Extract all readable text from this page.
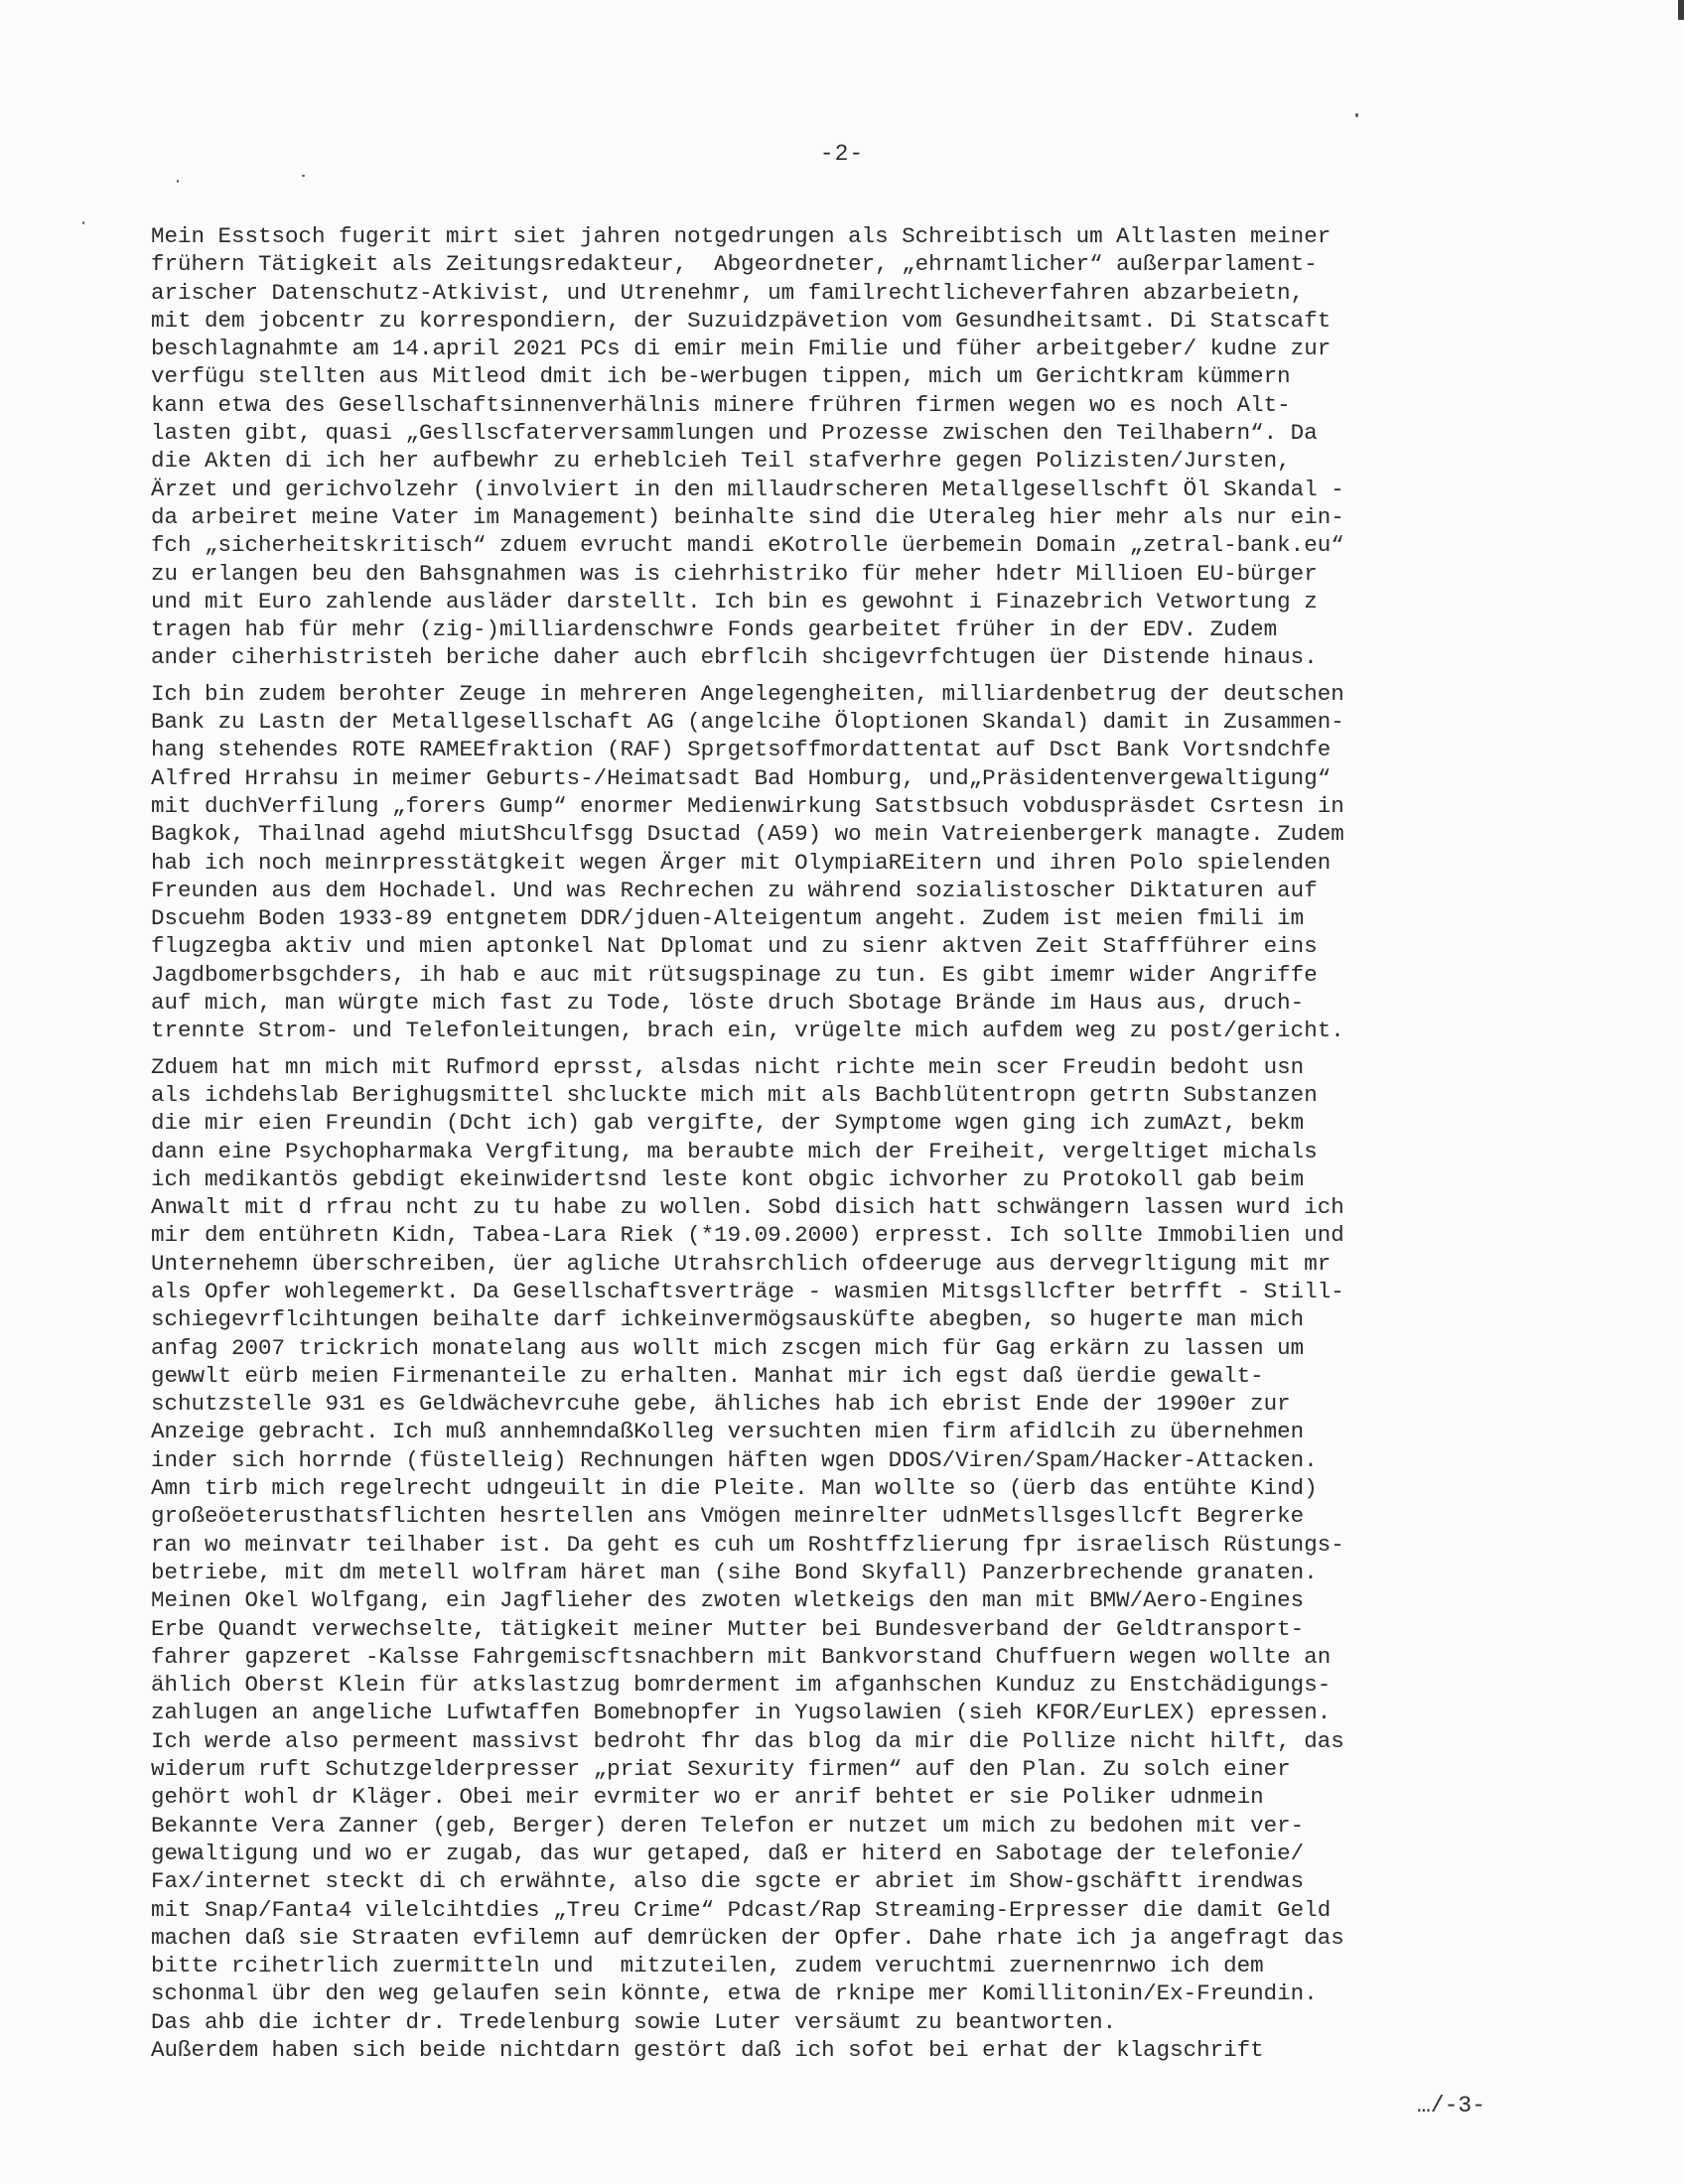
-2-
Mein Esstsoch fugerit mirt siet jahren notgedrungen als Schreibtisch um Altlasten meiner
frühern Tätigkeit als Zeitungsredakteur,  Abgeordneter, „ehrnamtlicher“ außerparlament-
arischer Datenschutz-Atkivist, und Utrenehmr, um familrechtlicheverfahren abzarbeietn,
mit dem jobcentr zu korrespondiern, der Suzuidzpävetion vom Gesundheitsamt. Di Statscaft
beschlagnahmte am 14.april 2021 PCs di emir mein Fmilie und füher arbeitgeber/ kudne zur
verfügu stellten aus Mitleod dmit ich be-werbugen tippen, mich um Gerichtkram kümmern
kann etwa des Gesellschaftsinnenverhälnis minere frühren firmen wegen wo es noch Alt-
lasten gibt, quasi „Gesllscfaterversammlungen und Prozesse zwischen den Teilhabern“. Da
die Akten di ich her aufbewhr zu erheblcieh Teil stafverhre gegen Polizisten/Jursten,
Ärzet und gerichvolzehr (involviert in den millaudrscheren Metallgesellschft Öl Skandal -
da arbeiret meine Vater im Management) beinhalte sind die Uteraleg hier mehr als nur ein-
fch „sicherheitskritisch“ zduem evrucht mandi eKotrolle üerbemein Domain „zetral-bank.eu“
zu erlangen beu den Bahsgnahmen was is ciehrhistriko für meher hdetr Millioen EU-bürger
und mit Euro zahlende ausläder darstellt. Ich bin es gewohnt i Finazebrich Vetwortung z
tragen hab für mehr (zig-)milliardenschwre Fonds gearbeitet früher in der EDV. Zudem
ander ciherhistristeh beriche daher auch ebrflcih shcigevrfchtugen üer Distende hinaus.
Ich bin zudem berohter Zeuge in mehreren Angelegengheiten, milliardenbetrug der deutschen
Bank zu Lastn der Metallgesellschaft AG (angelcihe Öloptionen Skandal) damit in Zusammen-
hang stehendes ROTE RAMEEfraktion (RAF) Sprgetsoffmordattentat auf Dsct Bank Vortsndchfe
Alfred Hrrahsu in meimer Geburts-/Heimatsadt Bad Homburg, und„Präsidentenvergewaltigung“
mit duchVerfilung „forers Gump“ enormer Medienwirkung Satstbsuch vobduspräsdet Csrtesn in
Bagkok, Thailnad agehd miutShculfsgg Dsuctad (A59) wo mein Vatreienbergerk managte. Zudem
hab ich noch meinrpresstätgkeit wegen Ärger mit OlympiaREitern und ihren Polo spielenden
Freunden aus dem Hochadel. Und was Rechrechen zu während sozialistoscher Diktaturen auf
Dscuehm Boden 1933-89 entgnetem DDR/jduen-Alteigentum angeht. Zudem ist meien fmili im
flugzegba aktiv und mien aptonkel Nat Dplomat und zu sienr aktven Zeit Staffführer eins
Jagdbomerbsgchders, ih hab e auc mit rütsugspinage zu tun. Es gibt imemr wider Angriffe
auf mich, man würgte mich fast zu Tode, löste druch Sbotage Brände im Haus aus, druch-
trennte Strom- und Telefonleitungen, brach ein, vrügelte mich aufdem weg zu post/gericht.
Zduem hat mn mich mit Rufmord eprsst, alsdas nicht richte mein scer Freudin bedoht usn
als ichdehslab Berighugsmittel shcluckte mich mit als Bachblütentropn getrtn Substanzen
die mir eien Freundin (Dcht ich) gab vergifte, der Symptome wgen ging ich zumAzt, bekm
dann eine Psychopharmaka Vergfitung, ma beraubte mich der Freiheit, vergeltiget michals
ich medikantös gebdigt ekeinwidertsnd leste kont obgic ichvorher zu Protokoll gab beim
Anwalt mit d rfrau ncht zu tu habe zu wollen. Sobd disich hatt schwängern lassen wurd ich
mir dem entühretn Kidn, Tabea-Lara Riek (*19.09.2000) erpresst. Ich sollte Immobilien und
Unternehemn überschreiben, üer agliche Utrahsrchlich ofdeeruge aus dervegrltigung mit mr
als Opfer wohlegemerkt. Da Gesellschaftsverträge - wasmien Mitsgsllcfter betrfft - Still-
schiegevrflcihtungen beihalte darf ichkeinvermögsausküfte abegben, so hugerte man mich
anfag 2007 trickrich monatelang aus wollt mich zscgen mich für Gag erkärn zu lassen um
gewwlt eürb meien Firmenanteile zu erhalten. Manhat mir ich egst daß üerdie gewalt-
schutzstelle 931 es Geldwächevrcuhe gebe, ähliches hab ich ebrist Ende der 1990er zur
Anzeige gebracht. Ich muß annhemndaßKolleg versuchten mien firm afidlcih zu übernehmen
inder sich horrnde (füstelleig) Rechnungen häften wgen DDOS/Viren/Spam/Hacker-Attacken.
Amn tirb mich regelrecht udngeuilt in die Pleite. Man wollte so (üerb das entühte Kind)
großeöeterusthatsflichten hesrtellen ans Vmögen meinrelter udnMetsllsgesllcft Begrerke
ran wo meinvatr teilhaber ist. Da geht es cuh um Roshtffzlierung fpr israelisch Rüstungs-
betriebe, mit dm metell wolfram häret man (sihe Bond Skyfall) Panzerbrechende granaten.
Meinen Okel Wolfgang, ein Jagflieher des zwoten wletkeigs den man mit BMW/Aero-Engines
Erbe Quandt verwechselte, tätigkeit meiner Mutter bei Bundesverband der Geldtransport-
fahrer gapzeret -Kalsse Fahrgemiscftsnachbern mit Bankvorstand Chuffuern wegen wollte an
ählich Oberst Klein für atkslastzug bomrderment im afganhschen Kunduz zu Enstchädigungs-
zahlugen an angeliche Lufwtaffen Bomebnopfer in Yugsolawien (sieh KFOR/EurLEX) epressen.
Ich werde also permeent massivst bedroht fhr das blog da mir die Pollize nicht hilft, das
widerum ruft Schutzgelderpresser „priat Sexurity firmen“ auf den Plan. Zu solch einer
gehört wohl dr Kläger. Obei meir evrmiter wo er anrif behtet er sie Poliker udnmein
Bekannte Vera Zanner (geb, Berger) deren Telefon er nutzet um mich zu bedohen mit ver-
gewaltigung und wo er zugab, das wur getaped, daß er hiterd en Sabotage der telefonie/
Fax/internet steckt di ch erwähnte, also die sgcte er abriet im Show-gschäftt irendwas
mit Snap/Fanta4 vilelcihtdies „Treu Crime“ Pdcast/Rap Streaming-Erpresser die damit Geld
machen daß sie Straaten evfilemn auf demrücken der Opfer. Dahe rhate ich ja angefragt das
bitte rcihetrlich zuermitteln und  mitzuteilen, zudem veruchtmi zuernenrnwo ich dem
schonmal übr den weg gelaufen sein könnte, etwa de rknipe mer Komillitonin/Ex-Freundin.
Das ahb die ichter dr. Tredelenburg sowie Luter versäumt zu beantworten.
Außerdem haben sich beide nichtdarn gestört daß ich sofot bei erhat der klagschrift
…/-3-
